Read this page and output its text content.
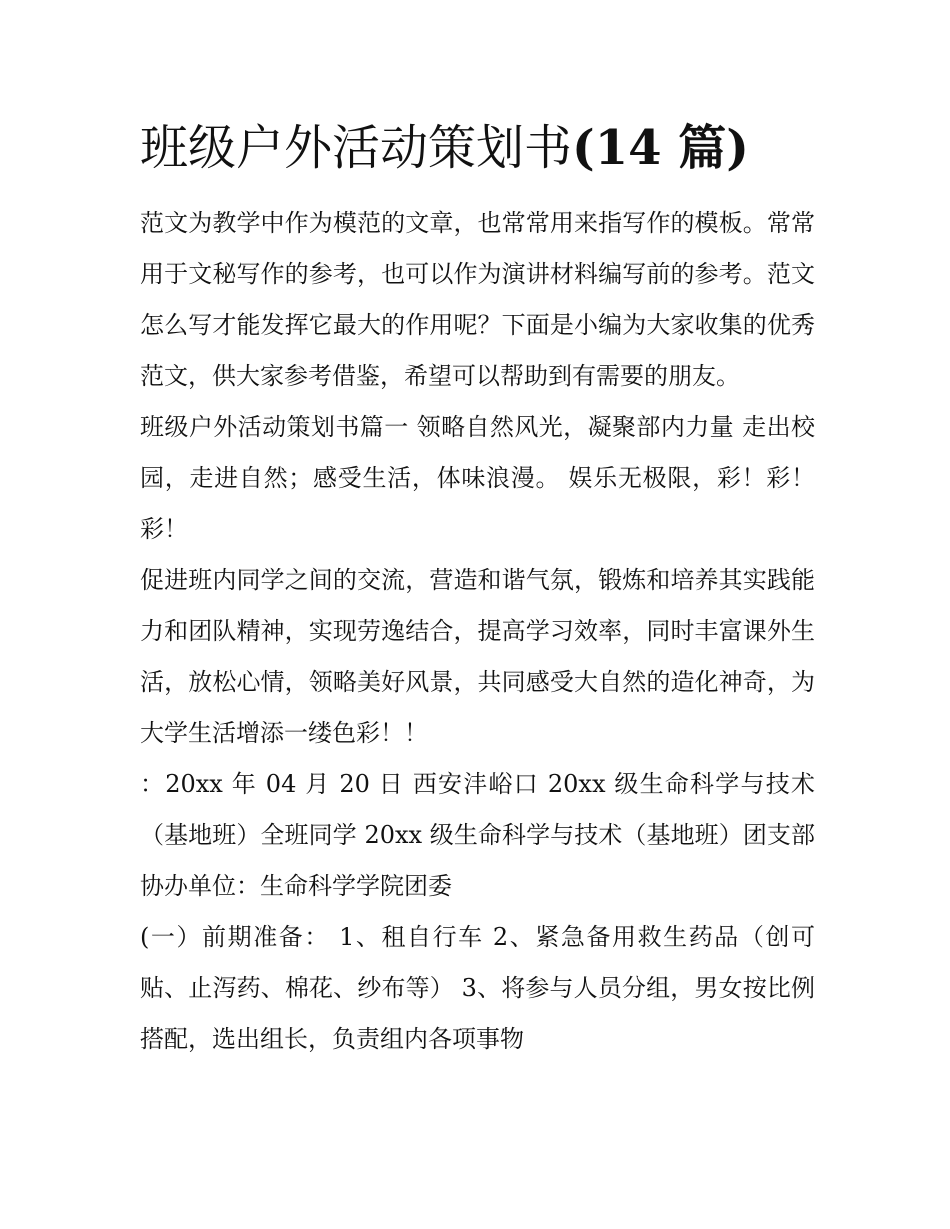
班级户外活动策划书(14 篇)

范文为教学中作为模范的文章，也常常用来指写作的模板。常常用于文秘写作的参考，也可以作为演讲材料编写前的参考。范文怎么写才能发挥它最大的作用呢？下面是小编为大家收集的优秀范文，供大家参考借鉴，希望可以帮助到有需要的朋友。

班级户外活动策划书篇一 领略自然风光，凝聚部内力量 走出校园，走进自然；感受生活，体味浪漫。 娱乐无极限，彩！彩！彩！

促进班内同学之间的交流，营造和谐气氛，锻炼和培养其实践能力和团队精神，实现劳逸结合，提高学习效率，同时丰富课外生活，放松心情，领略美好风景，共同感受大自然的造化神奇，为大学生活增添一缕色彩！！

：20xx 年 04 月 20 日 西安沣峪口 20xx 级生命科学与技术（基地班）全班同学 20xx 级生命科学与技术（基地班）团支部 协办单位：生命科学学院团委

(一）前期准备： 1、租自行车 2、紧急备用救生药品（创可贴、止泻药、棉花、纱布等） 3、将参与人员分组，男女按比例搭配，选出组长，负责组内各项事物
